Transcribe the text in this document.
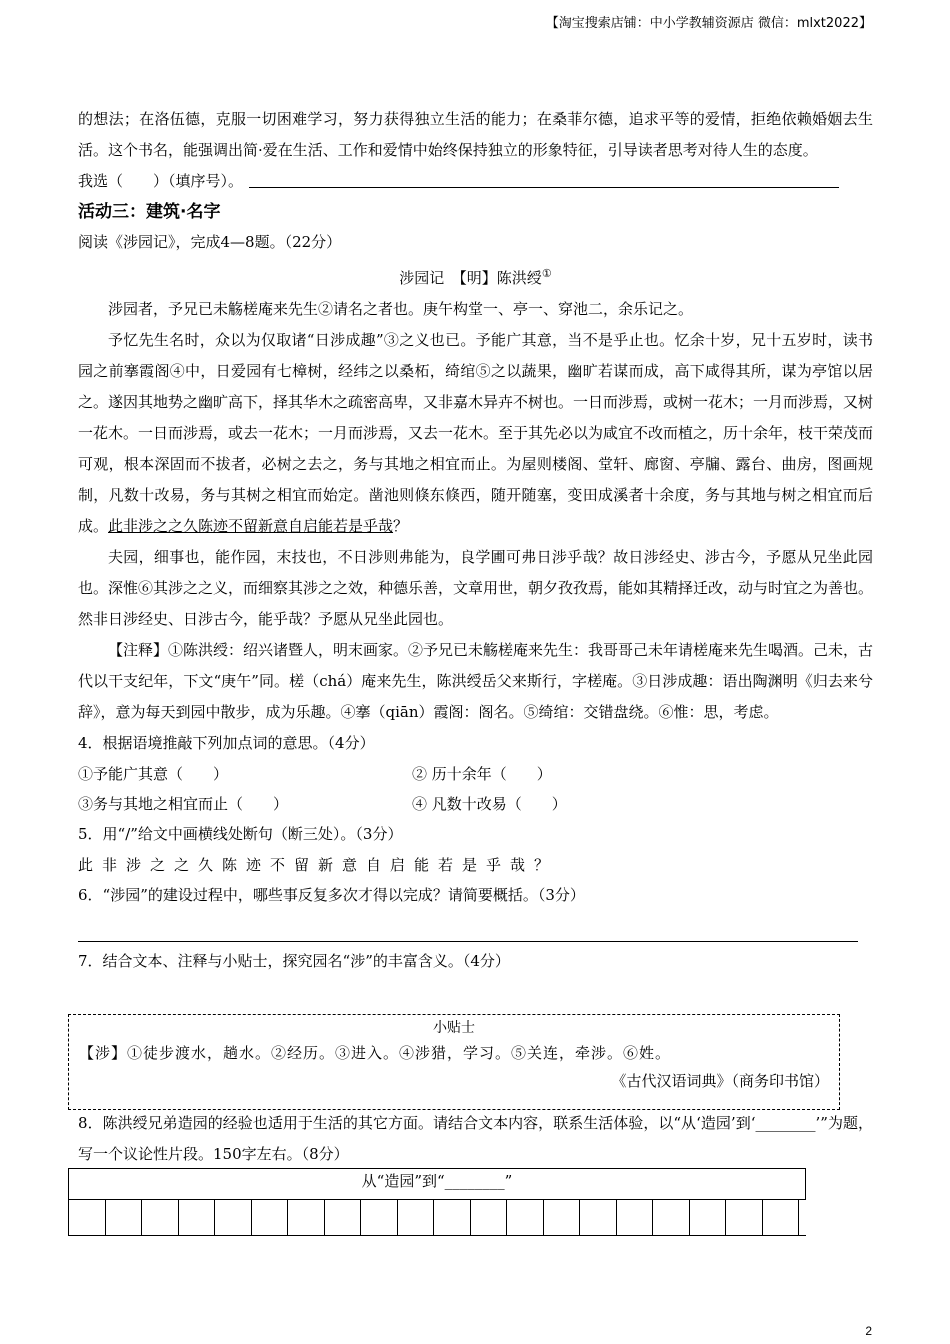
【淘宝搜索店铺：中小学教辅资源店 微信：mlxt2022】

的想法；在洛伍德，克服一切困难学习，努力获得独立生活的能力；在桑菲尔德，追求平等的爱情，拒绝依赖婚姻去生活。这个书名，能强调出简·爱在生活、工作和爱情中始终保持独立的形象特征，引导读者思考对待人生的态度。

我选（　　）（填序号）。

活动三：建筑·名字

阅读《涉园记》，完成4—8题。（22分）

涉园记　【明】陈洪绶①

涉园者，予兄已未觞槎庵来先生②请名之者也。庚午构堂一、亭一、穿池二，余乐记之。

予忆先生名时，众以为仅取诸“日涉成趣”③之义也已。予能广其意，当不是乎止也。忆余十岁，兄十五岁时，读书园之前搴霞阁④中，日爱园有七樟树，经纬之以桑柘，绮绾⑤之以蔬果，幽旷若谋而成，高下咸得其所，谋为亭馆以居之。遂因其地势之幽旷高下，择其华木之疏密高卑，又非嘉木异卉不树也。一日而涉焉，或树一花木；一月而涉焉，又树一花木。一日而涉焉，或去一花木；一月而涉焉，又去一花木。至于其先必以为咸宜不改而植之，历十余年，枝干荣茂而可观，根本深固而不拔者，必树之去之，务与其地之相宜而止。为屋则楼阁、堂轩、廊窗、亭牖、露台、曲房，图画规制，凡数十改易，务与其树之相宜而始定。凿池则倏东倏西，随开随塞，变田成溪者十余度，务与其地与树之相宜而后成。此非涉之之久陈迹不留新意自启能若是乎哉？

夫园，细事也，能作园，末技也，不日涉则弗能为，良学圃可弗日涉乎哉？故日涉经史、涉古今，予愿从兄坐此园也。深惟⑥其涉之之义，而细察其涉之之效，种德乐善，文章用世，朝夕孜孜焉，能如其精择迁改，动与时宜之为善也。然非日涉经史、日涉古今，能乎哉？予愿从兄坐此园也。

【注释】①陈洪绶：绍兴诸暨人，明末画家。②予兄已未觞槎庵来先生：我哥哥己未年请槎庵来先生喝酒。己未，古代以干支纪年，下文“庚午”同。槎（chá）庵来先生，陈洪绶岳父来斯行，字槎庵。③日涉成趣：语出陶渊明《归去来兮辞》，意为每天到园中散步，成为乐趣。④搴（qiān）霞阁：阁名。⑤绮绾：交错盘绕。⑥惟：思，考虑。

4．根据语境推敲下列加点词的意思。（4分）

①予能广其意（　　）	② 历十余年（　　）
③务与其地之相宜而止（　　）	④ 凡数十改易（　　）

5．用“/”给文中画横线处断句（断三处）。（3分）

此非涉之之久陈迹不留新意自启能若是乎哉？

6．“涉园”的建设过程中，哪些事反复多次才得以完成？请简要概括。（3分）

7．结合文本、注释与小贴士，探究园名“涉”的丰富含义。（4分）

小贴士
【涉】①徒步渡水，趟水。②经历。③进入。④涉猎，学习。⑤关连，牵涉。⑥姓。
《古代汉语词典》（商务印书馆）

8．陈洪绶兄弟造园的经验也适用于生活的其它方面。请结合文本内容，联系生活体验，以“从‘造园’到‘________’”为题，写一个议论性片段。150字左右。（8分）

从“造园”到“________”
2
